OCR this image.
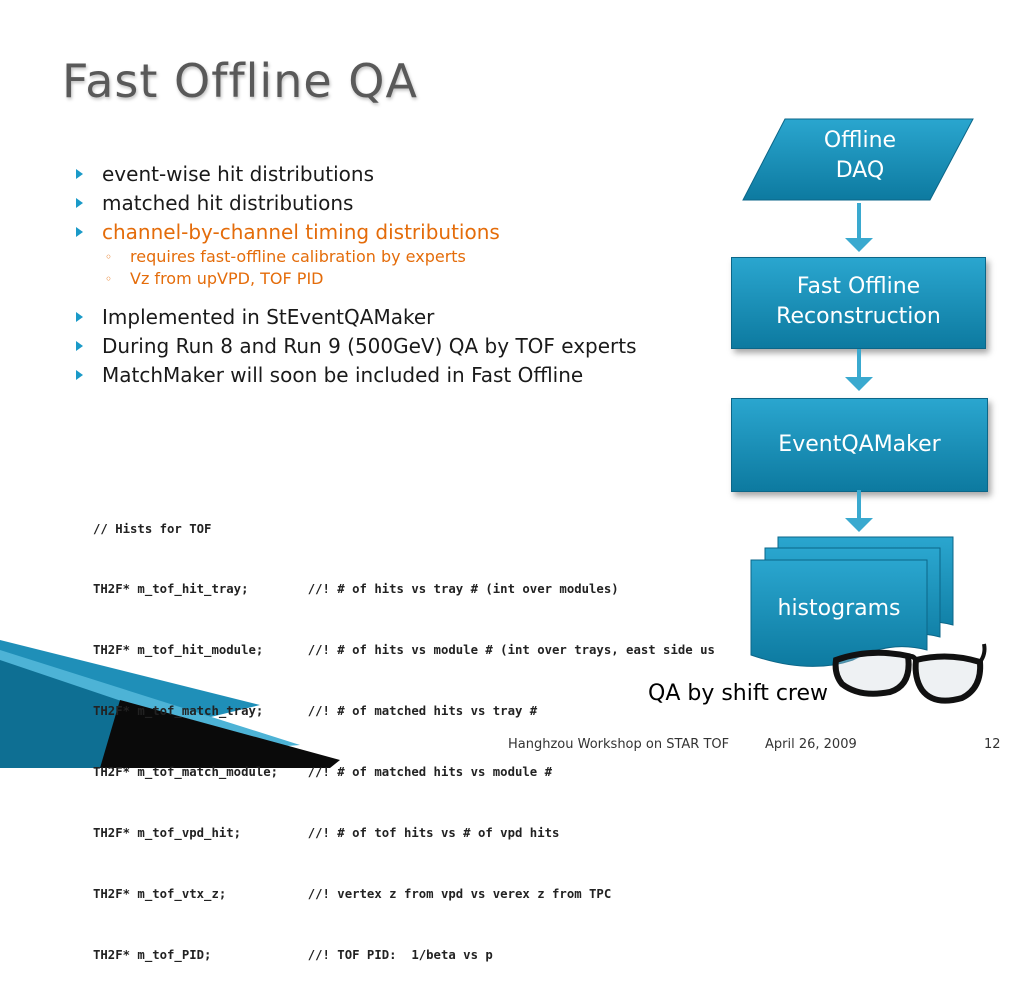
Fast Offline QA
event-wise hit distributions
matched hit distributions
channel-by-channel timing distributions
◦ requires fast-offline calibration by experts
◦ Vz from upVPD, TOF PID
Implemented in StEventQAMaker
During Run 8 and Run 9 (500GeV) QA by TOF experts
MatchMaker will soon be included in Fast Offline

// Hists for TOF

TH2F* m_tof_hit_tray;        //! # of hits vs tray # (int over modules)

TH2F* m_tof_hit_module;      //! # of hits vs module # (int over trays, east side us

TH2F* m_tof_match_tray;      //! # of matched hits vs tray #

TH2F* m_tof_match_module;    //! # of matched hits vs module #

TH2F* m_tof_vpd_hit;         //! # of tof hits vs # of vpd hits

TH2F* m_tof_vtx_z;           //! vertex z from vpd vs verex z from TPC

TH2F* m_tof_PID;             //! TOF PID:  1/beta vs p

Offline
DAQ
Fast Offline
Reconstruction
EventQAMaker
histograms
QA by shift crew
Hanghzou Workshop on STAR TOF	April 26, 2009	12
